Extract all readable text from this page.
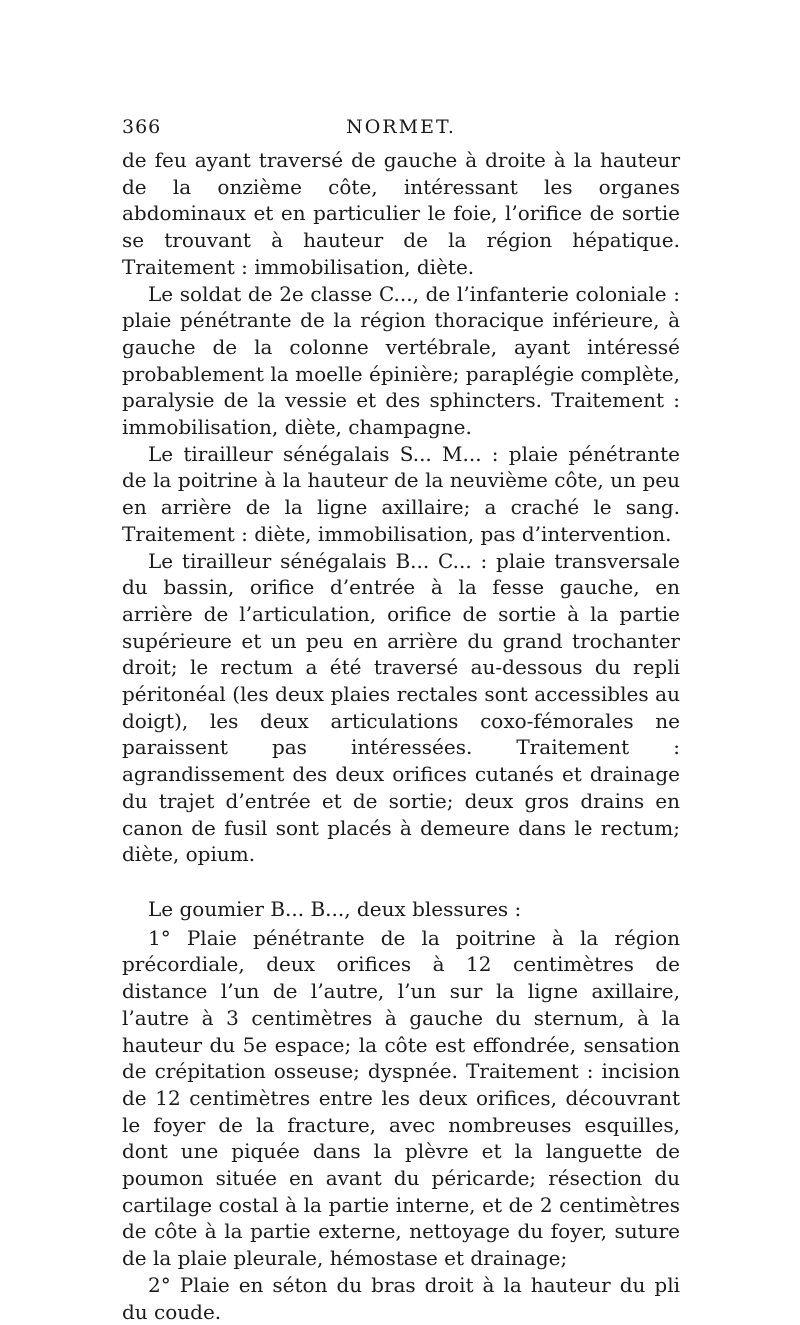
366	NORMET.

de feu ayant traversé de gauche à droite à la hauteur de la onzième côte, intéressant les organes abdominaux et en particulier le foie, l’orifice de sortie se trouvant à hauteur de la région hépatique. Traitement : immobilisation, diète.

Le soldat de 2e classe C..., de l’infanterie coloniale : plaie pénétrante de la région thoracique inférieure, à gauche de la colonne vertébrale, ayant intéressé probablement la moelle épinière; paraplégie complète, paralysie de la vessie et des sphincters. Traitement : immobilisation, diète, champagne.

Le tirailleur sénégalais S... M... : plaie pénétrante de la poitrine à la hauteur de la neuvième côte, un peu en arrière de la ligne axillaire; a craché le sang. Traitement : diète, immobilisation, pas d’intervention.

Le tirailleur sénégalais B... C... : plaie transversale du bassin, orifice d’entrée à la fesse gauche, en arrière de l’articulation, orifice de sortie à la partie supérieure et un peu en arrière du grand trochanter droit; le rectum a été traversé au-dessous du repli péritonéal (les deux plaies rectales sont accessibles au doigt), les deux articulations coxo-fémorales ne paraissent pas intéressées. Traitement : agrandissement des deux orifices cutanés et drainage du trajet d’entrée et de sortie; deux gros drains en canon de fusil sont placés à demeure dans le rectum; diète, opium.

Le goumier B... B..., deux blessures :

1° Plaie pénétrante de la poitrine à la région précordiale, deux orifices à 12 centimètres de distance l’un de l’autre, l’un sur la ligne axillaire, l’autre à 3 centimètres à gauche du sternum, à la hauteur du 5e espace; la côte est effondrée, sensation de crépitation osseuse; dyspnée. Traitement : incision de 12 centimètres entre les deux orifices, découvrant le foyer de la fracture, avec nombreuses esquilles, dont une piquée dans la plèvre et la languette de poumon située en avant du péricarde; résection du cartilage costal à la partie interne, et de 2 centimètres de côte à la partie externe, nettoyage du foyer, suture de la plaie pleurale, hémostase et drainage;

2° Plaie en séton du bras droit à la hauteur du pli du coude.
